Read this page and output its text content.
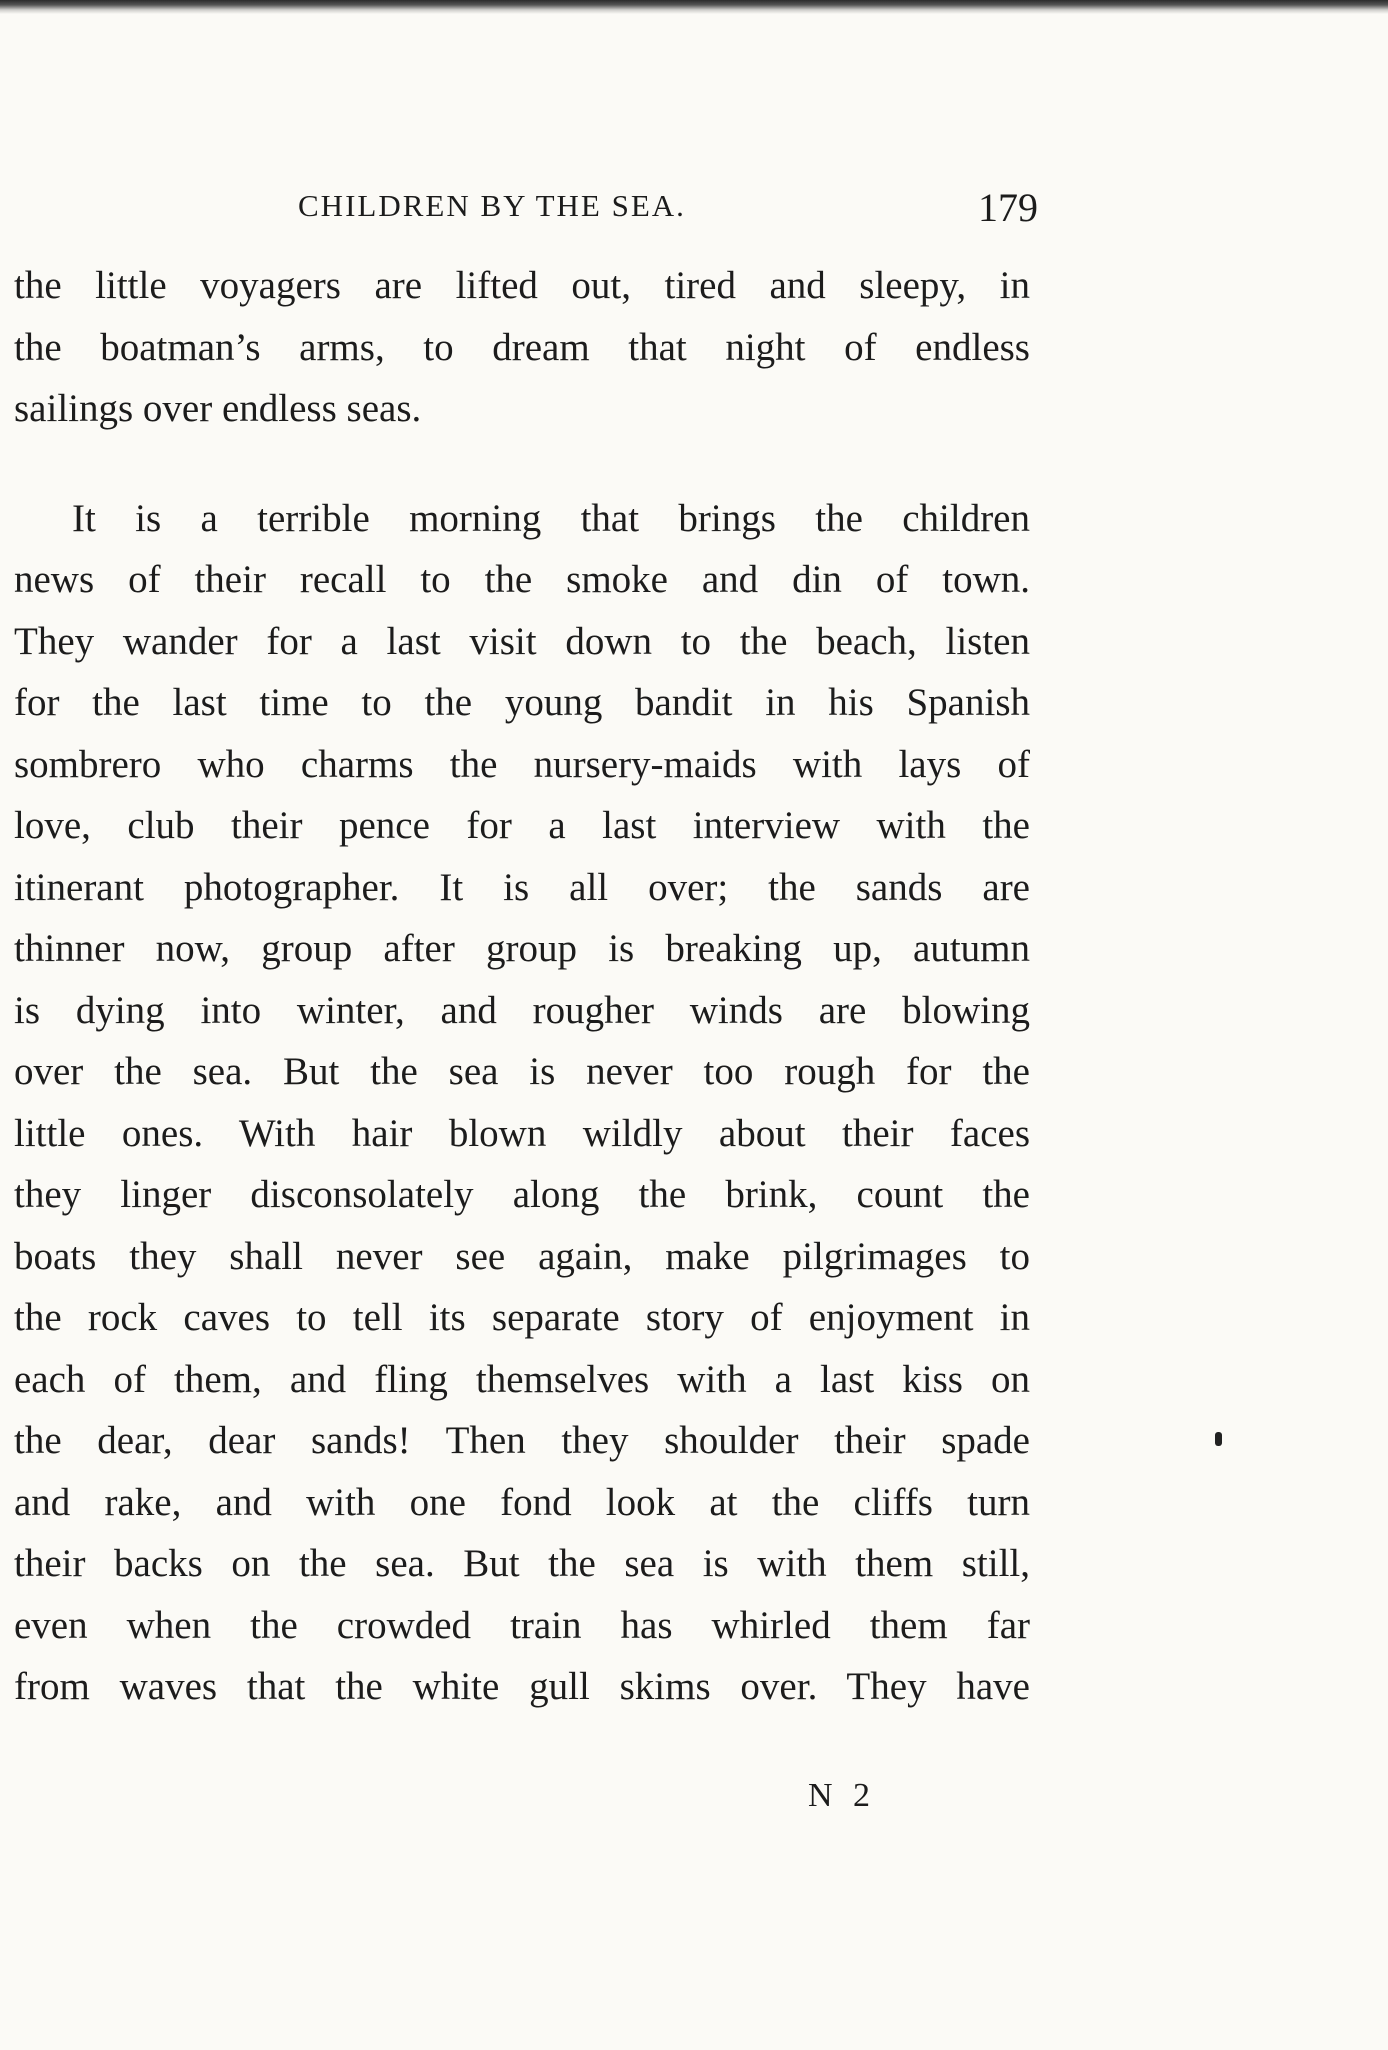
CHILDREN BY THE SEA.	179
the little voyagers are lifted out, tired and sleepy, in
the boatman’s arms, to dream that night of endless
sailings over endless seas.
It is a terrible morning that brings the children
news of their recall to the smoke and din of town.
They wander for a last visit down to the beach, listen
for the last time to the young bandit in his Spanish
sombrero who charms the nursery-maids with lays of
love, club their pence for a last interview with the
itinerant photographer. It is all over; the sands are
thinner now, group after group is breaking up, autumn
is dying into winter, and rougher winds are blowing
over the sea. But the sea is never too rough for the
little ones. With hair blown wildly about their faces
they linger disconsolately along the brink, count the
boats they shall never see again, make pilgrimages to
the rock caves to tell its separate story of enjoyment in
each of them, and fling themselves with a last kiss on
the dear, dear sands! Then they shoulder their spade
and rake, and with one fond look at the cliffs turn
their backs on the sea. But the sea is with them still,
even when the crowded train has whirled them far
from waves that the white gull skims over. They have
N 2
